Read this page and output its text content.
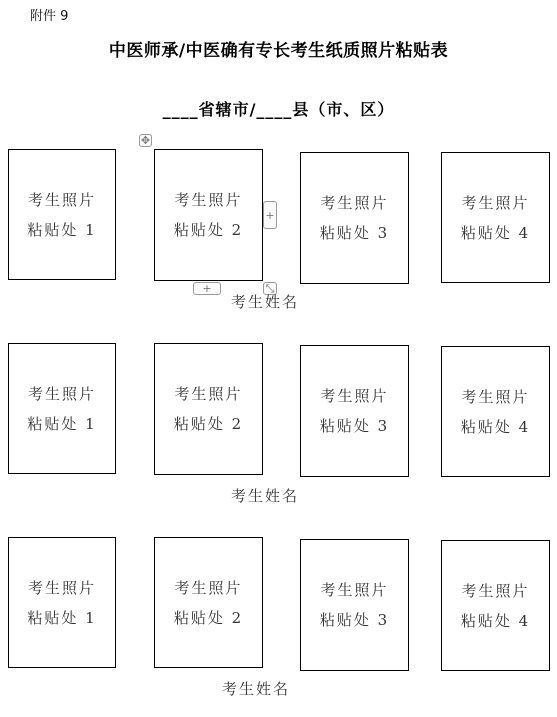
附件 9
中医师承/中医确有专长考生纸质照片粘贴表
____省辖市/____县（市、区）
✥
+
+	⤡
考生照片
粘贴处 1
考生照片
粘贴处 2
考生照片
粘贴处 3
考生照片
粘贴处 4
考生姓名
考生照片
粘贴处 1
考生照片
粘贴处 2
考生照片
粘贴处 3
考生照片
粘贴处 4
考生姓名
考生照片
粘贴处 1
考生照片
粘贴处 2
考生照片
粘贴处 3
考生照片
粘贴处 4
考生姓名
